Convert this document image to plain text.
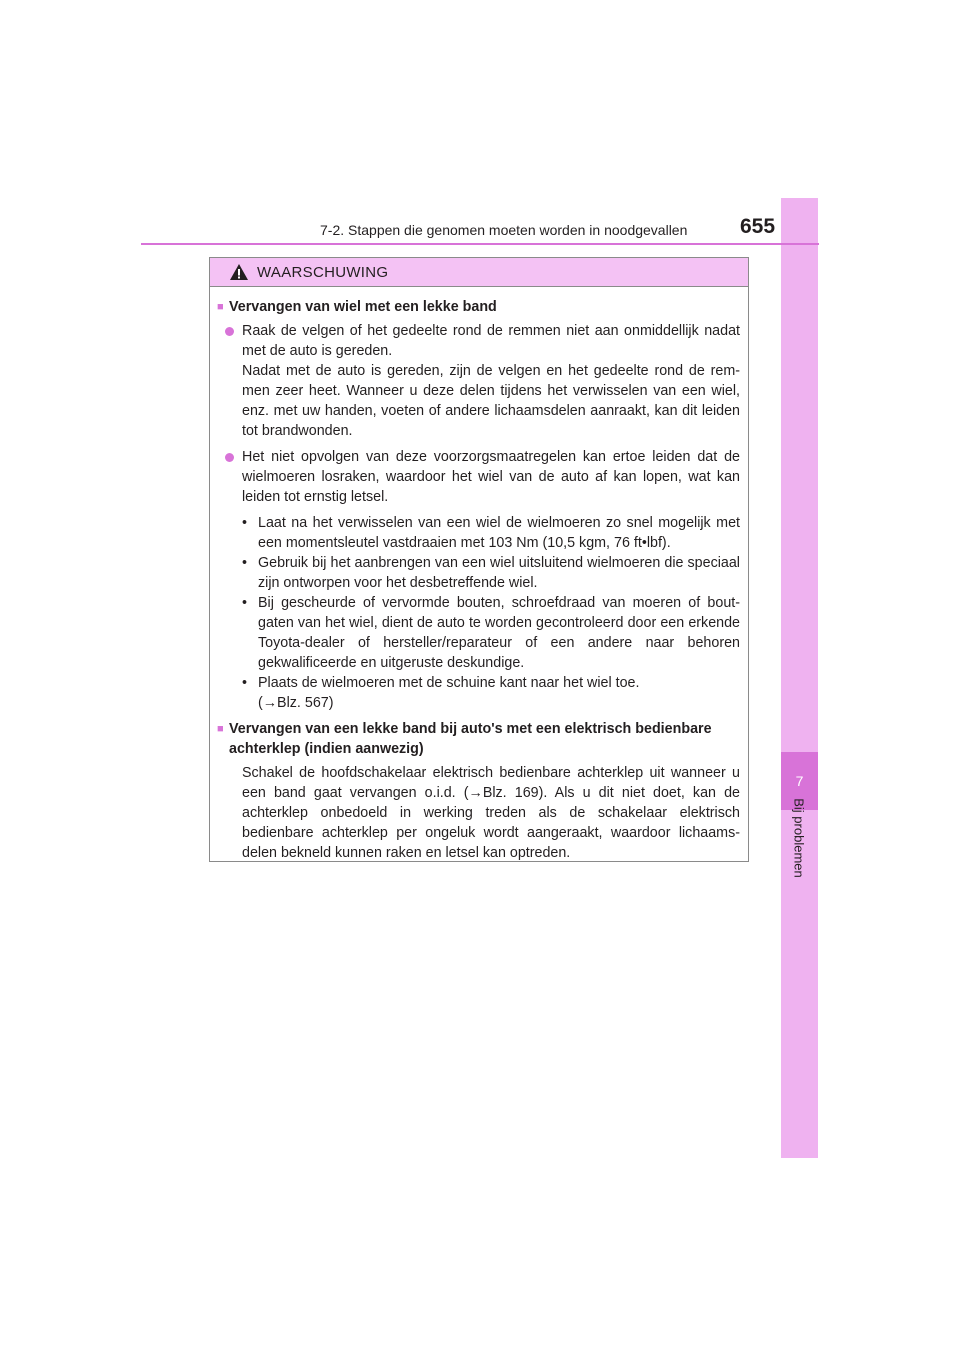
7
Bij problemen
7-2. Stappen die genomen moeten worden in noodgevallen	655
WAARSCHUWING
■ Vervangen van wiel met een lekke band
Raak de velgen of het gedeelte rond de remmen niet aan onmiddellijk nadat met de auto is gereden.
Nadat met de auto is gereden, zijn de velgen en het gedeelte rond de rem-men zeer heet. Wanneer u deze delen tijdens het verwisselen van een wiel, enz. met uw handen, voeten of andere lichaamsdelen aanraakt, kan dit leiden tot brandwonden.
Het niet opvolgen van deze voorzorgsmaatregelen kan ertoe leiden dat de wielmoeren losraken, waardoor het wiel van de auto af kan lopen, wat kan leiden tot ernstig letsel.
• Laat na het verwisselen van een wiel de wielmoeren zo snel mogelijk met een momentsleutel vastdraaien met 103 Nm (10,5 kgm, 76 ft•lbf).
• Gebruik bij het aanbrengen van een wiel uitsluitend wielmoeren die speciaal zijn ontworpen voor het desbetreffende wiel.
• Bij gescheurde of vervormde bouten, schroefdraad van moeren of bout-gaten van het wiel, dient de auto te worden gecontroleerd door een erkende Toyota-dealer of hersteller/reparateur of een andere naar behoren gekwalificeerde en uitgeruste deskundige.
• Plaats de wielmoeren met de schuine kant naar het wiel toe.
(→Blz. 567)
■ Vervangen van een lekke band bij auto's met een elektrisch bedienbare achterklep (indien aanwezig)
Schakel de hoofdschakelaar elektrisch bedienbare achterklep uit wanneer u een band gaat vervangen o.i.d. (→Blz. 169). Als u dit niet doet, kan de achterklep onbedoeld in werking treden als de schakelaar elektrisch bedienbare achterklep per ongeluk wordt aangeraakt, waardoor lichaams-delen bekneld kunnen raken en letsel kan optreden.
